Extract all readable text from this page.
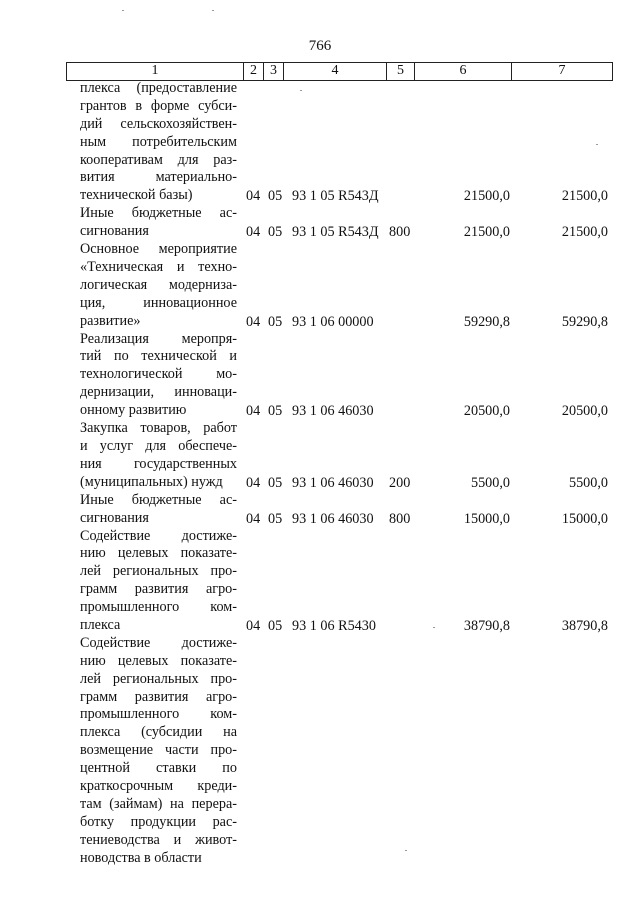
766
1	2 3	4	5	6	7
плекса (предоставление
грантов в форме субси-
дий сельскохозяйствен-
ным потребительским
кооперативам для раз-
вития материально-
технической базы)	04 05 93 1 05 R543Д	21500,0	21500,0
Иные бюджетные ас-
сигнования	04 05 93 1 05 R543Д 800	21500,0	21500,0
Основное мероприятие
«Техническая и техно-
логическая модерниза-
ция, инновационное
развитие»	04 05 93 1 06 00000	59290,8	59290,8
Реализация меропря-
тий по технической и
технологической мо-
дернизации, инноваци-
онному развитию	04 05 93 1 06 46030	20500,0	20500,0
Закупка товаров, работ
и услуг для обеспече-
ния государственных
(муниципальных) нужд	04 05 93 1 06 46030 200	5500,0	5500,0
Иные бюджетные ас-
сигнования	04 05 93 1 06 46030 800	15000,0	15000,0
Содействие достиже-
нию целевых показате-
лей региональных про-
грамм развития агро-
промышленного ком-
плекса	04 05 93 1 06 R5430	38790,8	38790,8
Содействие достиже-
нию целевых показате-
лей региональных про-
грамм развития агро-
промышленного ком-
плекса (субсидии на
возмещение части про-
центной ставки по
краткосрочным креди-
там (займам) на перера-
ботку продукции рас-
тениеводства и живот-
новодства в области
